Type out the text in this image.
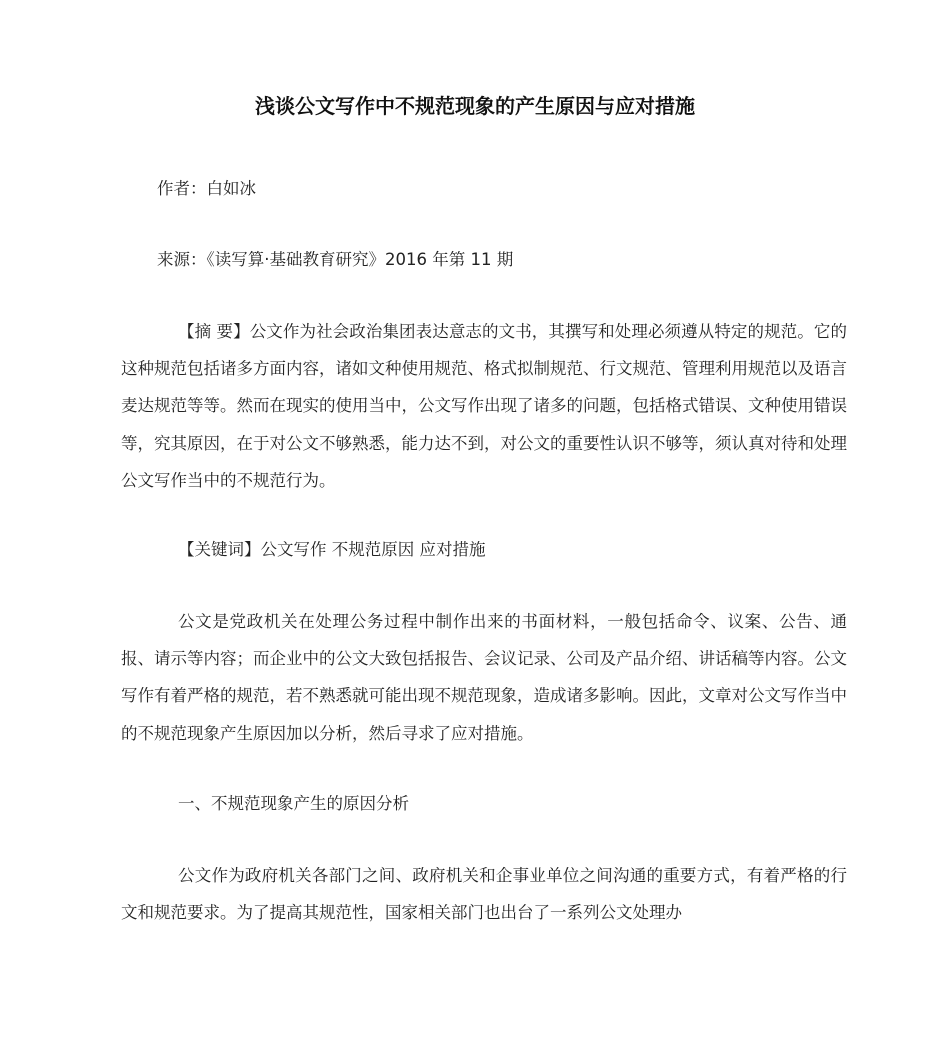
浅谈公文写作中不规范现象的产生原因与应对措施

作者：白如冰

来源：《读写算·基础教育研究》2016 年第 11 期

【摘 要】公文作为社会政治集团表达意志的文书，其撰写和处理必须遵从特定的规范。它的这种规范包括诸多方面内容，诸如文种使用规范、格式拟制规范、行文规范、管理利用规范以及语言麦达规范等等。然而在现实的使用当中，公文写作出现了诸多的问题，包括格式错误、文种使用错误等，究其原因，在于对公文不够熟悉，能力达不到，对公文的重要性认识不够等，须认真对待和处理公文写作当中的不规范行为。

【关键词】公文写作 不规范原因 应对措施

公文是党政机关在处理公务过程中制作出来的书面材料，一般包括命令、议案、公告、通报、请示等内容；而企业中的公文大致包括报告、会议记录、公司及产品介绍、讲话稿等内容。公文写作有着严格的规范，若不熟悉就可能出现不规范现象，造成诸多影响。因此，文章对公文写作当中的不规范现象产生原因加以分析，然后寻求了应对措施。

一、不规范现象产生的原因分析

公文作为政府机关各部门之间、政府机关和企事业单位之间沟通的重要方式，有着严格的行文和规范要求。为了提高其规范性，国家相关部门也出台了一系列公文处理办
